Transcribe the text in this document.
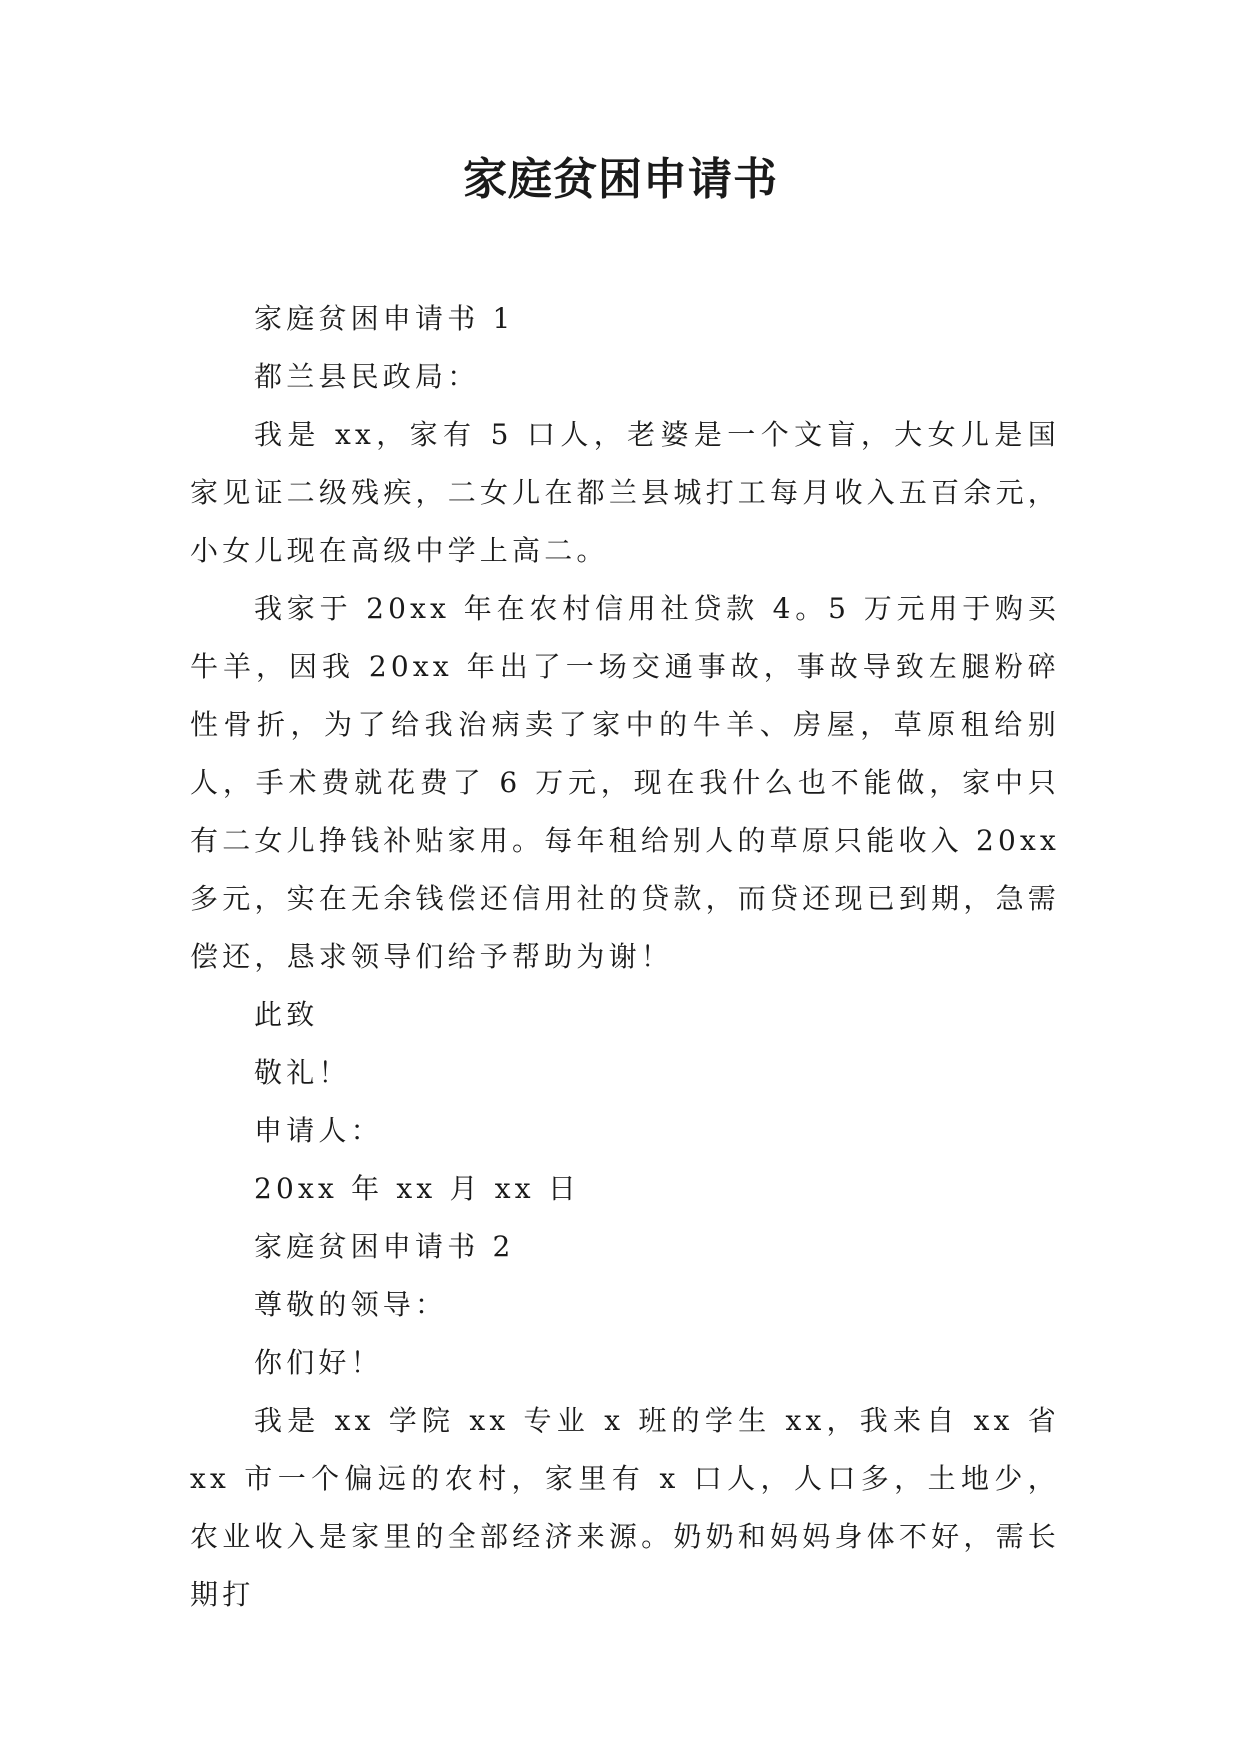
家庭贫困申请书

家庭贫困申请书 1

都兰县民政局：

我是 xx，家有 5 口人，老婆是一个文盲，大女儿是国家见证二级残疾，二女儿在都兰县城打工每月收入五百余元，小女儿现在高级中学上高二。

我家于 20xx 年在农村信用社贷款 4。5 万元用于购买牛羊，因我 20xx 年出了一场交通事故，事故导致左腿粉碎性骨折，为了给我治病卖了家中的牛羊、房屋，草原租给别人，手术费就花费了 6 万元，现在我什么也不能做，家中只有二女儿挣钱补贴家用。每年租给别人的草原只能收入 20xx 多元，实在无余钱偿还信用社的贷款，而贷还现已到期，急需偿还，恳求领导们给予帮助为谢！

此致

敬礼！

申请人：

20xx 年 xx 月 xx 日

家庭贫困申请书 2

尊敬的领导：

你们好！

我是 xx 学院 xx 专业 x 班的学生 xx，我来自 xx 省 xx 市一个偏远的农村，家里有 x 口人，人口多，土地少，农业收入是家里的全部经济来源。奶奶和妈妈身体不好，需长期打
